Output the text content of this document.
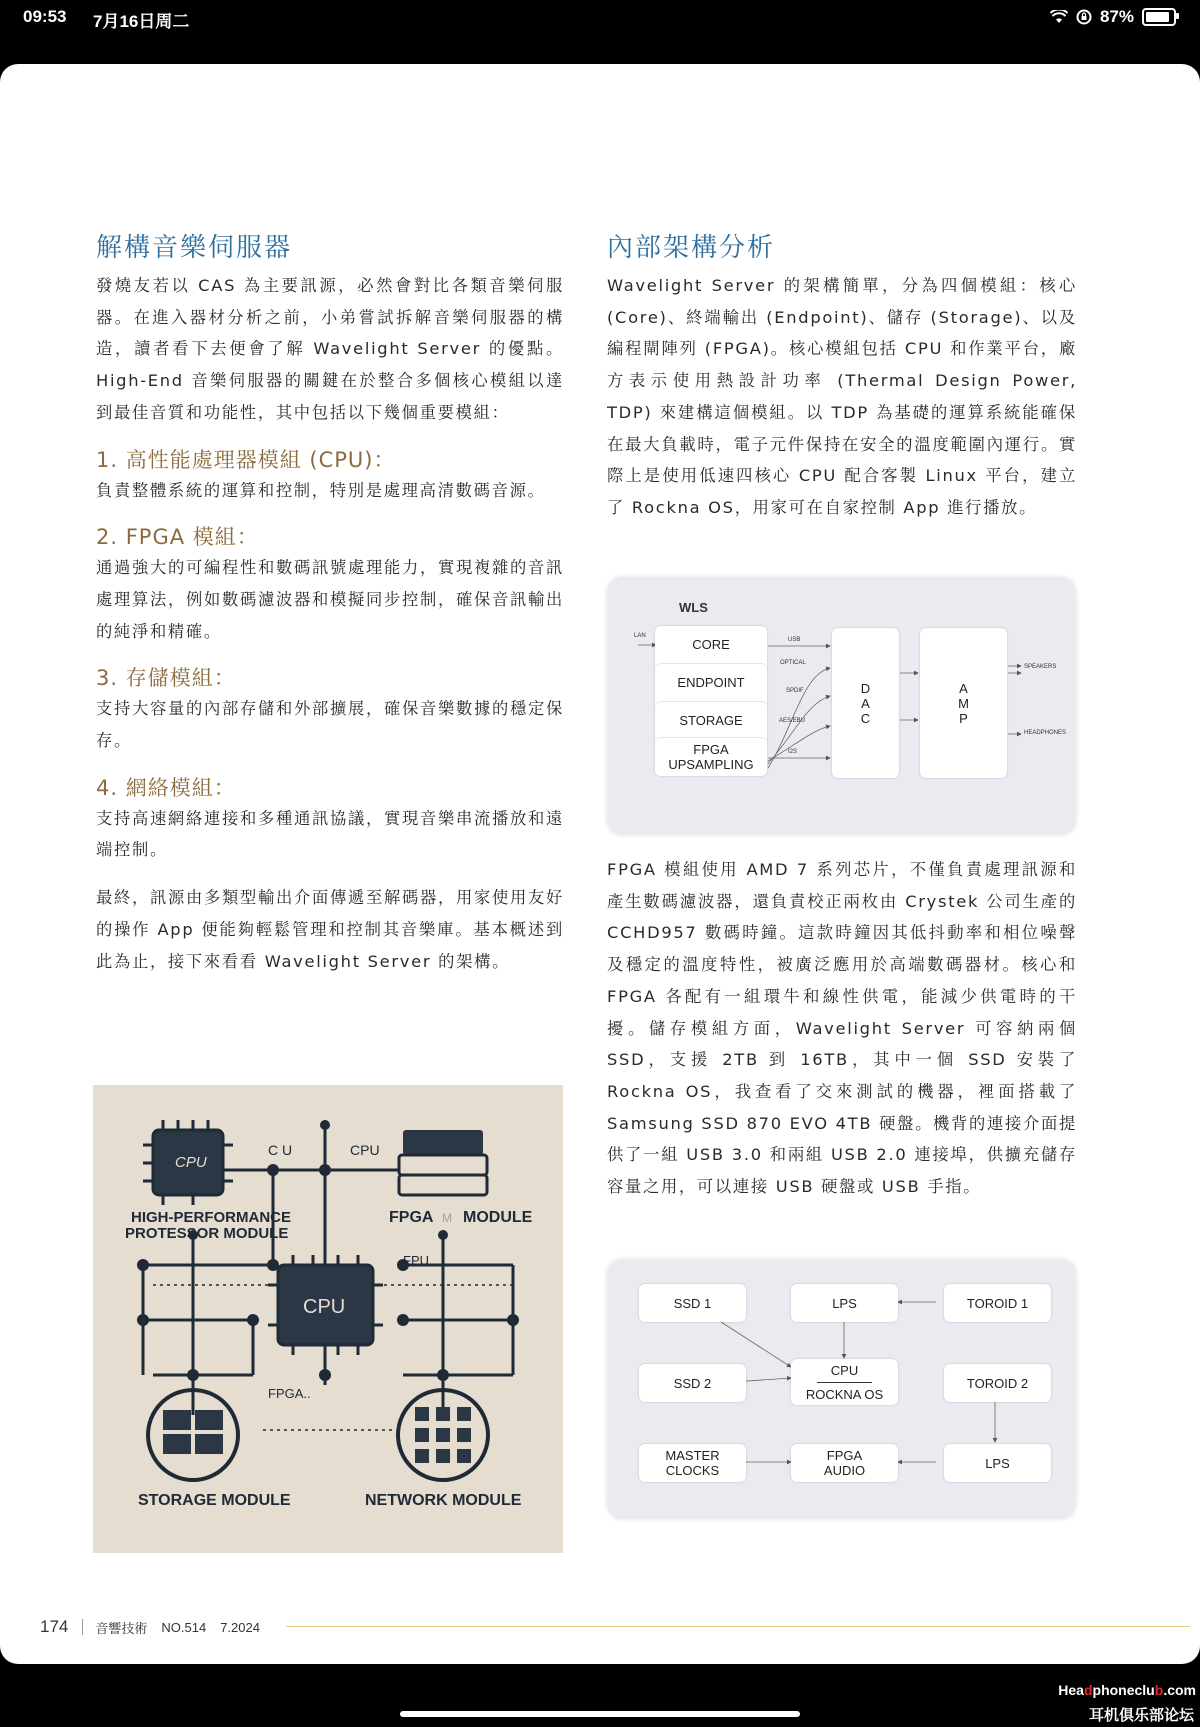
09:53 7月16日周二	87%
解構音樂伺服器

發燒友若以 CAS 為主要訊源，必然會對比各類音樂伺服器。在進入器材分析之前，小弟嘗試拆解音樂伺服器的構造，讀者看下去便會了解 Wavelight Server 的優點。High-End 音樂伺服器的關鍵在於整合多個核心模組以達到最佳音質和功能性，其中包括以下幾個重要模組：

1. 高性能處理器模組 (CPU)：

負責整體系統的運算和控制，特別是處理高清數碼音源。

2. FPGA 模組：

通過強大的可編程性和數碼訊號處理能力，實現複雜的音訊處理算法，例如數碼濾波器和模擬同步控制，確保音訊輸出的純淨和精確。

3. 存儲模組：

支持大容量的內部存儲和外部擴展，確保音樂數據的穩定保存。

4. 網絡模組：

支持高速網絡連接和多種通訊協議，實現音樂串流播放和遠端控制。

最終，訊源由多類型輸出介面傳遞至解碼器，用家使用友好的操作 App 便能夠輕鬆管理和控制其音樂庫。基本概述到此為止，接下來看看 Wavelight Server 的架構。

CPU
C U	CPU
HIGH-PERFORMANCE
PROTESSOR MODULE
FPGA M MODULE
FPU
CPU
FPGA..
STORAGE MODULE	NETWORK MODULE
內部架構分析

Wavelight Server 的架構簡單，分為四個模組：核心(Core)、終端輸出 (Endpoint)、儲存 (Storage)、以及編程閘陣列 (FPGA)。核心模組包括 CPU 和作業平台，廠方表示使用熱設計功率 (Thermal Design Power, TDP) 來建構這個模組。以 TDP 為基礎的運算系統能確保在最大負載時，電子元件保持在安全的溫度範圍內運行。實際上是使用低速四核心 CPU 配合客製 Linux 平台，建立了 Rockna OS，用家可在自家控制 App 進行播放。

WLS
LAN
CORE
ENDPOINT
STORAGE
FPGA
UPSAMPLING
USB
OPTICAL
SPDIF
AES/EBU
I2S
D
A
C
A
M
P
SPEAKERS
HEADPHONES

FPGA 模組使用 AMD 7 系列芯片，不僅負責處理訊源和產生數碼濾波器，還負責校正兩枚由 Crystek 公司生產的 CCHD957 數碼時鐘。這款時鐘因其低抖動率和相位噪聲及穩定的溫度特性，被廣泛應用於高端數碼器材。核心和 FPGA 各配有一組環牛和線性供電，能減少供電時的干擾。儲存模組方面，Wavelight Server 可容納兩個 SSD，支援 2TB 到 16TB，其中一個 SSD 安裝了 Rockna OS，我查看了交來測試的機器，裡面搭載了 Samsung SSD 870 EVO 4TB 硬盤。機背的連接介面提供了一組 USB 3.0 和兩組 USB 2.0 連接埠，供擴充儲存容量之用，可以連接 USB 硬盤或 USB 手指。

SSD 1	LPS	TOROID 1
SSD 2
CPU
ROCKNA OS
TOROID 2
MASTER
CLOCKS
FPGA
AUDIO	LPS
174 音響技術 NO.514 7.2024
Headphoneclub.com
耳机俱乐部论坛
